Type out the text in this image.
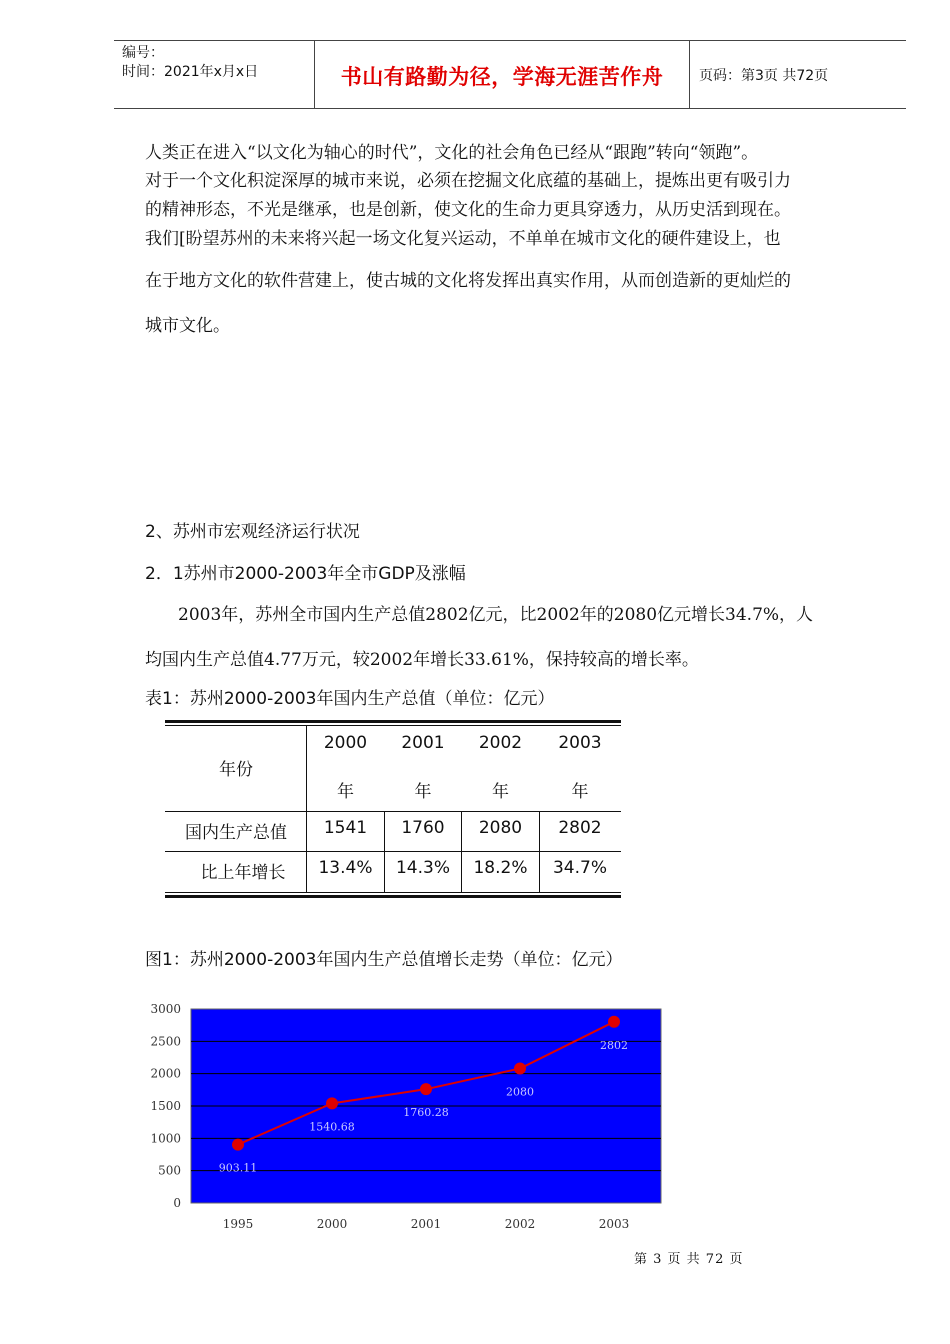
编号：
时间：2021年x月x日	书山有路勤为径，学海无涯苦作舟	页码：第3页 共72页
人类正在进入“以文化为轴心的时代”，文化的社会角色已经从“跟跑”转向“领跑”。
对于一个文化积淀深厚的城市来说，必须在挖掘文化底蕴的基础上，提炼出更有吸引力
的精神形态，不光是继承，也是创新，使文化的生命力更具穿透力，从历史活到现在。
我们[盼望苏州的未来将兴起一场文化复兴运动，不单单在城市文化的硬件建设上，也
在于地方文化的软件营建上，使古城的文化将发挥出真实作用，从而创造新的更灿烂的
城市文化。
2、苏州市宏观经济运行状况
2．1苏州市2000-2003年全市GDP及涨幅
2003年，苏州全市国内生产总值2802亿元，比2002年的2080亿元增长34.7%，人
均国内生产总值4.77万元，较2002年增长33.61%，保持较高的增长率。
表1：苏州2000-2003年国内生产总值（单位：亿元）
年份
2000	2001	2002	2003
年	年	年	年
国内生产总值	1541	1760	2080	2802
比上年增长	13.4%	14.3%	18.2%	34.7%
图1：苏州2000-2003年国内生产总值增长走势（单位：亿元）
0
500
1000
1500
2000
2500
3000
1995	2000	2001	2002	2003
903.11
1540.68
1760.28
2080
2802
第 3 页 共 72 页
